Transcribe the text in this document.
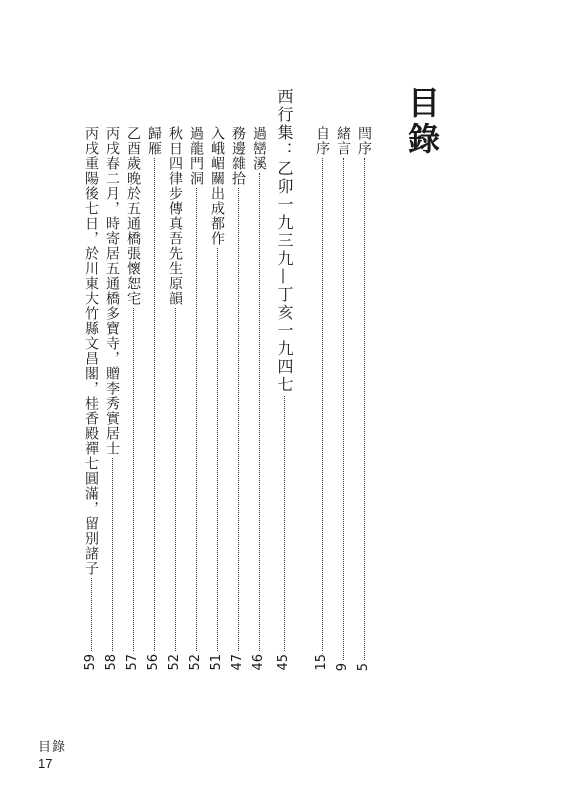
目錄
閆序
5
緒言
9
自序
15
西行集：乙卯一九三九—丁亥一九四七
45
過巒溪
46
務邊雜拾
47
入峨嵋關出成都作
51
過龍門洞
52
秋日四律步傳真吾先生原韻
52
歸雁
56
乙酉歲晚於五通橋張懷恕宅
57
丙戌春二月，時寄居五通橋多寶寺，贈李秀實居士
58
丙戌重陽後七日，於川東大竹縣文昌閣，桂香殿禪七圓滿，留別諸子
59
目錄
17
